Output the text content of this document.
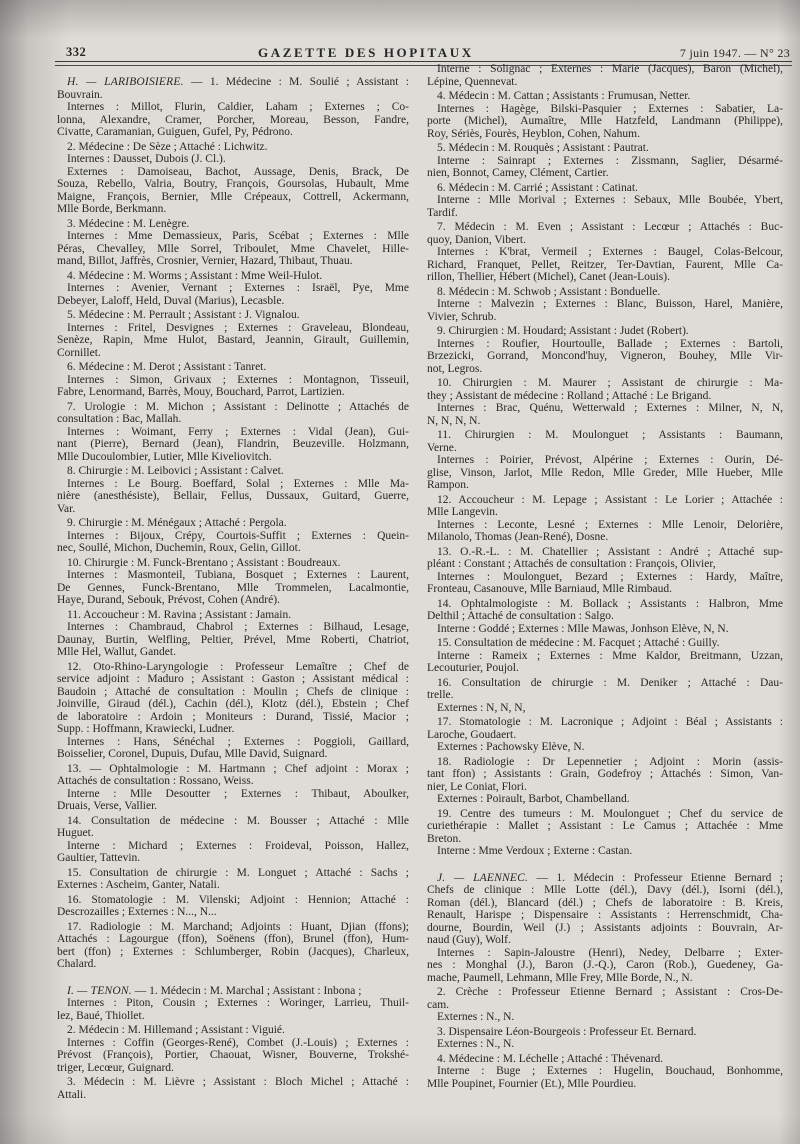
332	GAZETTE DES HOPITAUX	7 juin 1947. — N° 23
H. — LARIBOISIERE. — 1. Médecine : M. Soulié ; Assistant :
Bouvrain.
Internes : Millot, Flurin, Caldier, Laham ; Externes ; Co-
lonna, Alexandre, Cramer, Porcher, Moreau, Besson, Fandre,
Civatte, Caramanian, Guiguen, Gufel, Py, Pédrono.
2. Médecine : De Sèze ; Attaché : Lichwitz.
Internes : Dausset, Dubois (J. Cl.).
Externes : Damoiseau, Bachot, Aussage, Denis, Brack, De
Souza, Rebello, Valria, Boutry, François, Goursolas, Hubault, Mme
Maigne, François, Bernier, Mlle Crépeaux, Cottrell, Ackermann,
Mlle Borde, Berkmann.
3. Médecine : M. Lenègre.
Internes : Mme Demassieux, Paris, Scébat ; Externes : Mlle
Péras, Chevalley, Mlle Sorrel, Triboulet, Mme Chavelet, Hille-
mand, Billot, Jaffrès, Crosnier, Vernier, Hazard, Thibaut, Thuau.
4. Médecine : M. Worms ; Assistant : Mme Weil-Hulot.
Internes : Avenier, Vernant ; Externes : Israël, Pye, Mme
Debeyer, Laloff, Held, Duval (Marius), Lecasble.
5. Médecine : M. Perrault ; Assistant : J. Vignalou.
Internes : Fritel, Desvignes ; Externes : Graveleau, Blondeau,
Senèze, Rapin, Mme Hulot, Bastard, Jeannin, Girault, Guillemin,
Cornillet.
6. Médecine : M. Derot ; Assistant : Tanret.
Internes : Simon, Grivaux ; Externes : Montagnon, Tisseuil,
Fabre, Lenormand, Barrès, Mouy, Bouchard, Parrot, Lartizien.
7. Urologie : M. Michon ; Assistant : Delinotte ; Attachés de
consultation : Bac, Mallah.
Internes : Woimant, Ferry ; Externes : Vidal (Jean), Gui-
nant (Pierre), Bernard (Jean), Flandrin, Beuzeville. Holzmann,
Mlle Ducoulombier, Lutier, Mlle Kiveliovitch.
8. Chirurgie : M. Leibovici ; Assistant : Calvet.
Internes : Le Bourg. Boeffard, Solal ; Externes : Mlle Ma-
nière (anesthésiste), Bellair, Fellus, Dussaux, Guitard, Guerre,
Var.
9. Chirurgie : M. Ménégaux ; Attaché : Pergola.
Internes : Bijoux, Crépy, Courtois-Suffit ; Externes : Quein-
nec, Soullé, Michon, Duchemin, Roux, Gelin, Gillot.
10. Chirurgie : M. Funck-Brentano ; Assistant : Boudreaux.
Internes : Masmonteil, Tubiana, Bosquet ; Externes : Laurent,
De Gennes, Funck-Brentano, Mlle Trommelen, Lacalmontie,
Haye, Durand, Sebouk, Prévost, Cohen (André).
11. Accoucheur : M. Ravina ; Assistant : Jamain.
Internes : Chambraud, Chabrol ; Externes : Bilhaud, Lesage,
Daunay, Burtin, Welfling, Peltier, Prével, Mme Roberti, Chatriot,
Mlle Hel, Wallut, Gandet.
12. Oto-Rhino-Laryngologie : Professeur Lemaître ; Chef de
service adjoint : Maduro ; Assistant : Gaston ; Assistant médical :
Baudoin ; Attaché de consultation : Moulin ; Chefs de clinique :
Joinville, Giraud (dél.), Cachin (dél.), Klotz (dél.), Ebstein ; Chef
de laboratoire : Ardoin ; Moniteurs : Durand, Tissié, Macior ;
Supp. : Hoffmann, Krawiecki, Ludner.
Internes : Hans, Sénéchal ; Externes : Poggioli, Gaillard,
Boisselier, Coronel, Dupuis, Dufau, Mlle David, Suignard.
13. — Ophtalmologie : M. Hartmann ; Chef adjoint : Morax ;
Attachés de consultation : Rossano, Weiss.
Interne : Mlle Desoutter ; Externes : Thibaut, Aboulker,
Druais, Verse, Vallier.
14. Consultation de médecine : M. Bousser ; Attaché : Mlle
Huguet.
Interne : Michard ; Externes : Froideval, Poisson, Hallez,
Gaultier, Tattevin.
15. Consultation de chirurgie : M. Longuet ; Attaché : Sachs ;
Externes : Ascheim, Ganter, Natali.
16. Stomatologie : M. Vilenski; Adjoint : Hennion; Attaché :
Descrozailles ; Externes : N..., N...
17. Radiologie : M. Marchand; Adjoints : Huant, Djian (ffons);
Attachés : Lagourgue (ffon), Soënens (ffon), Brunel (ffon), Hum-
bert (ffon) ; Externes : Schlumberger, Robin (Jacques), Charleux,
Chalard.
I. — TENON. — 1. Médecin : M. Marchal ; Assistant : Inbona ;
Internes : Piton, Cousin ; Externes : Woringer, Larrieu, Thuil-
lez, Baué, Thiollet.
2. Médecin : M. Hillemand ; Assistant : Viguié.
Internes : Coffin (Georges-René), Combet (J.-Louis) ; Externes :
Prévost (François), Portier, Chaouat, Wisner, Bouverne, Trokshé-
triger, Lecœur, Guignard.
3. Médecin : M. Lièvre ; Assistant : Bloch Michel ; Attaché :
Attali.
Interne : Solignac ; Externes : Marie (Jacques), Baron (Michel),
Lépine, Quennevat.
4. Médecin : M. Cattan ; Assistants : Frumusan, Netter.
Internes : Hagège, Bilski-Pasquier ; Externes : Sabatier, La-
porte (Michel), Aumaître, Mlle Hatzfeld, Landmann (Philippe),
Roy, Sériès, Fourès, Heyblon, Cohen, Nahum.
5. Médecin : M. Rouquès ; Assistant : Pautrat.
Interne : Sainrapt ; Externes : Zissmann, Saglier, Désarmé-
nien, Bonnot, Camey, Clément, Cartier.
6. Médecin : M. Carrié ; Assistant : Catinat.
Interne : Mlle Morival ; Externes : Sebaux, Mlle Boubée, Ybert,
Tardif.
7. Médecin : M. Even ; Assistant : Lecœur ; Attachés : Buc-
quoy, Danion, Vibert.
Internes : K'brat, Vermeil ; Externes : Baugel, Colas-Belcour,
Richard, Franquet, Pellet, Reitzer, Ter-Davtian, Faurent, Mlle Ca-
rillon, Thellier, Hébert (Michel), Canet (Jean-Louis).
8. Médecin : M. Schwob ; Assistant : Bonduelle.
Interne : Malvezin ; Externes : Blanc, Buisson, Harel, Manière,
Vivier, Schrub.
9. Chirurgien : M. Houdard; Assistant : Judet (Robert).
Internes : Roufier, Hourtoulle, Ballade ; Externes : Bartoli,
Brzezicki, Gorrand, Moncond'huy, Vigneron, Bouhey, Mlle Vir-
not, Legros.
10. Chirurgien : M. Maurer ; Assistant de chirurgie : Ma-
they ; Assistant de médecine : Rolland ; Attaché : Le Brigand.
Internes : Brac, Quénu, Wetterwald ; Externes : Milner, N, N,
N, N, N, N.
11. Chirurgien : M. Moulonguet ; Assistants : Baumann,
Verne.
Internes : Poirier, Prévost, Alpérine ; Externes : Ourin, Dé-
glise, Vinson, Jarlot, Mlle Redon, Mlle Greder, Mlle Hueber, Mlle
Rampon.
12. Accoucheur : M. Lepage ; Assistant : Le Lorier ; Attachée :
Mlle Langevin.
Internes : Leconte, Lesné ; Externes : Mlle Lenoir, Delorière,
Milanolo, Thomas (Jean-René), Dosne.
13. O.-R.-L. : M. Chatellier ; Assistant : André ; Attaché sup-
pléant : Constant ; Attachés de consultation : François, Olivier,
Internes : Moulonguet, Bezard ; Externes : Hardy, Maître,
Fronteau, Casanouve, Mlle Barniaud, Mlle Rimbaud.
14. Ophtalmologiste : M. Bollack ; Assistants : Halbron, Mme
Delthil ; Attaché de consultation : Salgo.
Interne : Goddé ; Externes : Mlle Mawas, Jonhson Elève, N, N.
15. Consultation de médecine : M. Facquet ; Attaché : Guilly.
Interne : Rameix ; Externes : Mme Kaldor, Breitmann, Uzzan,
Lecouturier, Poujol.
16. Consultation de chirurgie : M. Deniker ; Attaché : Dau-
trelle.
Externes : N, N, N,
17. Stomatologie : M. Lacronique ; Adjoint : Béal ; Assistants :
Laroche, Goudaert.
Externes : Pachowsky Elève, N.
18. Radiologie : Dr Lepennetier ; Adjoint : Morin (assis-
tant ffon) ; Assistants : Grain, Godefroy ; Attachés : Simon, Van-
nier, Le Coniat, Flori.
Externes : Poirault, Barbot, Chambelland.
19. Centre des tumeurs : M. Moulonguet ; Chef du service de
curiethérapie : Mallet ; Assistant : Le Camus ; Attachée : Mme
Breton.
Interne : Mme Verdoux ; Externe : Castan.
J. — LAENNEC. — 1. Médecin : Professeur Etienne Bernard ;
Chefs de clinique : Mlle Lotte (dél.), Davy (dél.), Isorni (dél.),
Roman (dél.), Blancard (dél.) ; Chefs de laboratoire : B. Kreis,
Renault, Harispe ; Dispensaire : Assistants : Herrenschmidt, Cha-
dourne, Bourdin, Weil (J.) ; Assistants adjoints : Bouvrain, Ar-
naud (Guy), Wolf.
Internes : Sapin-Jaloustre (Henri), Nedey, Delbarre ; Exter-
nes : Monghal (J.), Baron (J.-Q.), Caron (Rob.), Guedeney, Ga-
mache, Paumell, Lehmann, Mlle Frey, Mlle Borde, N., N.
2. Crèche : Professeur Etienne Bernard ; Assistant : Cros-De-
cam.
Externes : N., N.
3. Dispensaire Léon-Bourgeois : Professeur Et. Bernard.
Externes : N., N.
4. Médecine : M. Léchelle ; Attaché : Thévenard.
Interne : Buge ; Externes : Hugelin, Bouchaud, Bonhomme,
Mlle Poupinet, Fournier (Et.), Mlle Pourdieu.
